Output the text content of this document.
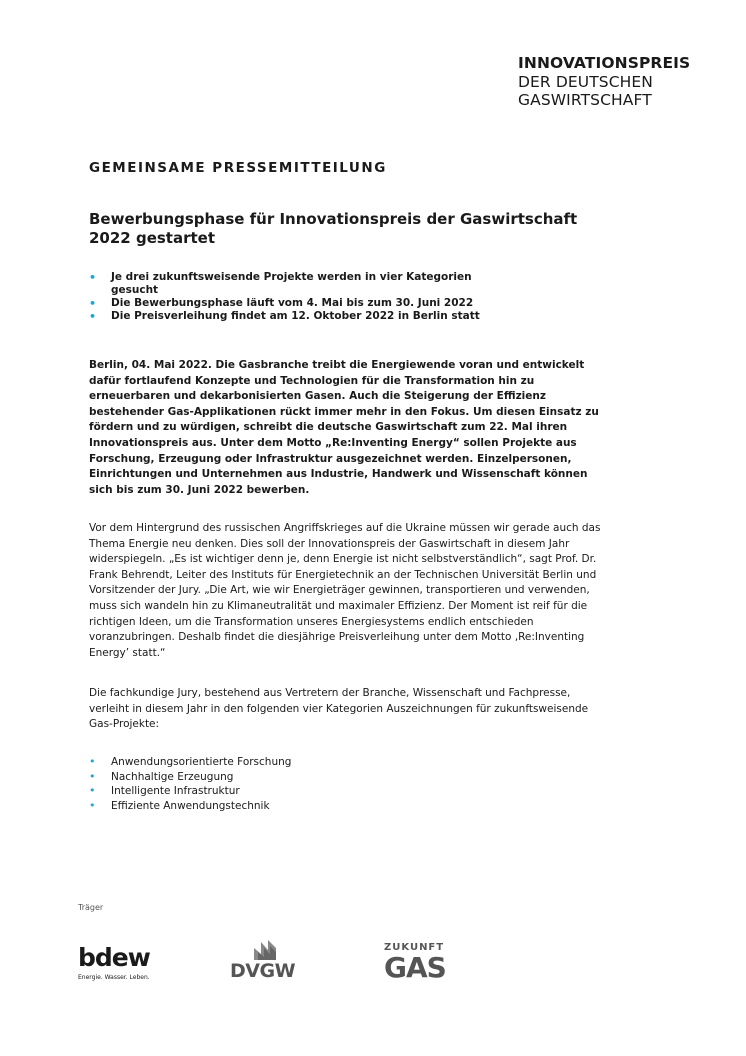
INNOVATIONSPREIS
DER DEUTSCHEN
GASWIRTSCHAFT
GEMEINSAME PRESSEMITTEILUNG
Bewerbungsphase für Innovationspreis der Gaswirtschaft 2022 gestartet
• Je drei zukunftsweisende Projekte werden in vier Kategorien gesucht
• Die Bewerbungsphase läuft vom 4. Mai bis zum 30. Juni 2022
• Die Preisverleihung findet am 12. Oktober 2022 in Berlin statt

Berlin, 04. Mai 2022. Die Gasbranche treibt die Energiewende voran und entwickelt dafür fortlaufend Konzepte und Technologien für die Transformation hin zu erneuerbaren und dekarbonisierten Gasen. Auch die Steigerung der Effizienz bestehender Gas-Applikationen rückt immer mehr in den Fokus. Um diesen Einsatz zu fördern und zu würdigen, schreibt die deutsche Gaswirtschaft zum 22. Mal ihren Innovationspreis aus. Unter dem Motto „Re:Inventing Energy“ sollen Projekte aus Forschung, Erzeugung oder Infrastruktur ausgezeichnet werden. Einzelpersonen, Einrichtungen und Unternehmen aus Industrie, Handwerk und Wissenschaft können sich bis zum 30. Juni 2022 bewerben.

Vor dem Hintergrund des russischen Angriffskrieges auf die Ukraine müssen wir gerade auch das Thema Energie neu denken. Dies soll der Innovationspreis der Gaswirtschaft in diesem Jahr widerspiegeln. „Es ist wichtiger denn je, denn Energie ist nicht selbstverständlich“, sagt Prof. Dr. Frank Behrendt, Leiter des Instituts für Energietechnik an der Technischen Universität Berlin und Vorsitzender der Jury. „Die Art, wie wir Energieträger gewinnen, transportieren und verwenden, muss sich wandeln hin zu Klimaneutralität und maximaler Effizienz. Der Moment ist reif für die richtigen Ideen, um die Transformation unseres Energiesystems endlich entschieden voranzubringen. Deshalb findet die diesjährige Preisverleihung unter dem Motto ‚Re:Inventing Energy’ statt.“

Die fachkundige Jury, bestehend aus Vertretern der Branche, Wissenschaft und Fachpresse, verleiht in diesem Jahr in den folgenden vier Kategorien Auszeichnungen für zukunftsweisende Gas-Projekte:

• Anwendungsorientierte Forschung
• Nachhaltige Erzeugung
• Intelligente Infrastruktur
• Effiziente Anwendungstechnik
Träger
bdew
Energie. Wasser. Leben.	DVGW
ZUKUNFT
GAS
